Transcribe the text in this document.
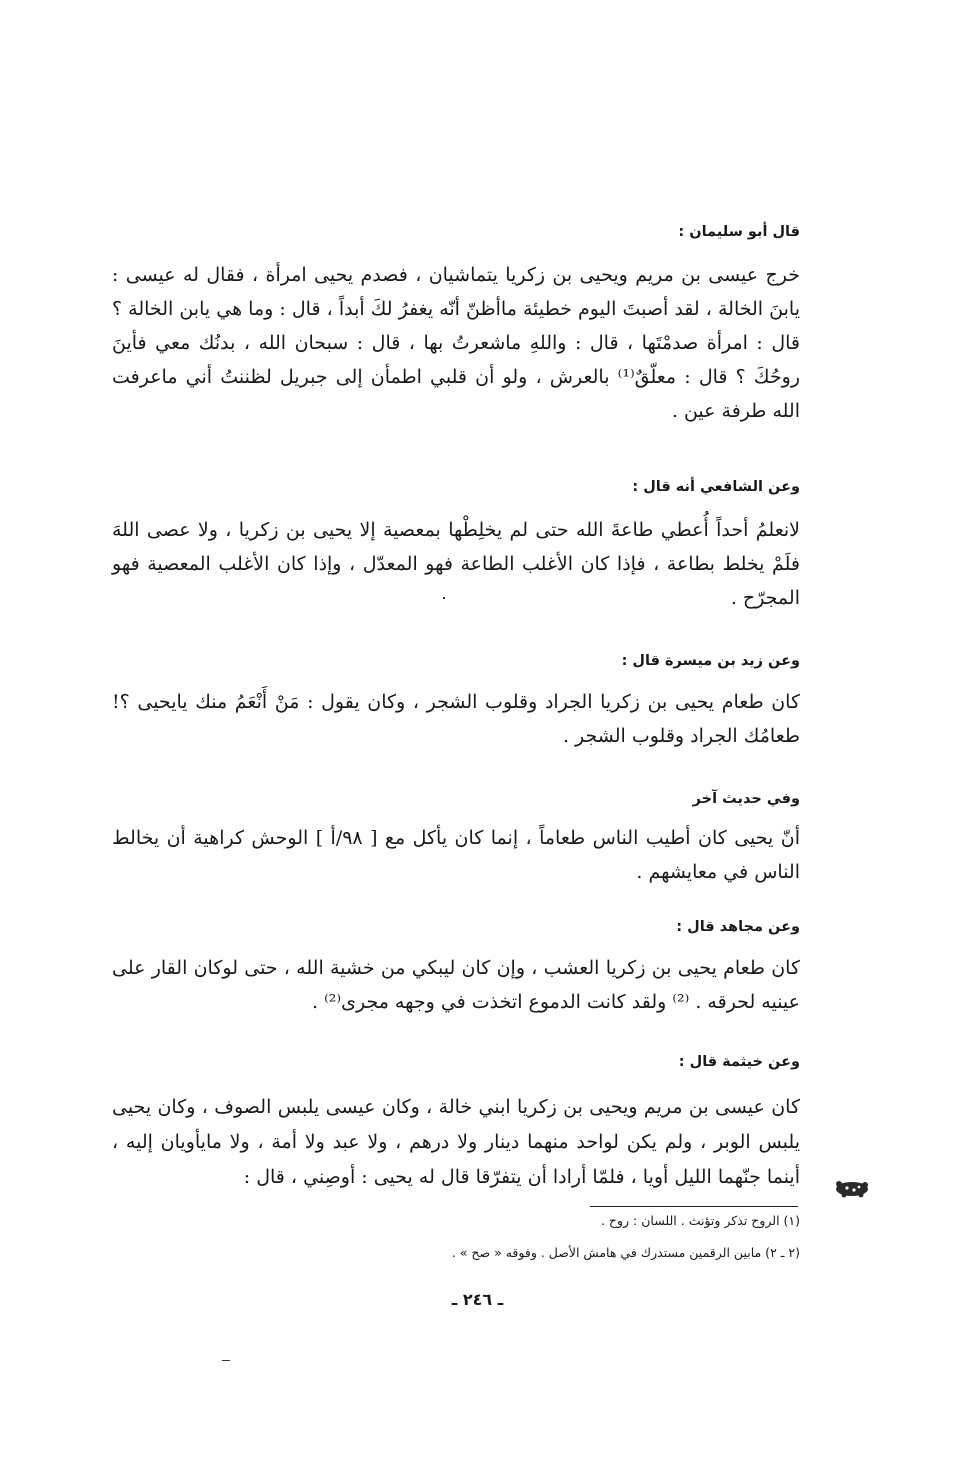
قال أبو سليمان :

خرج عيسى بن مريم ويحيى بن زكريا يتماشيان ، فصدم يحيى امرأة ، فقال له عيسى : يابنَ الخالة ، لقد أصبتَ اليوم خطيئة ماأظنّ أنّه يغفرُ لكَ أبداً ، قال : وما هي يابن الخالة ؟ قال : امرأة صدمْتَها ، قال : واللهِ ماشعرتُ بها ، قال : سبحان الله ، بدنُك معي فأينَ روحُكَ ؟ قال : معلّقٌ⁽¹⁾ بالعرش ، ولو أن قلبي اطمأن إلى جبريل لظننتُ أني ماعرفت الله طرفة عين .

وعن الشافعي أنه قال :

لانعلمُ أحداً أُعطي طاعةَ الله حتى لم يخلِطْها بمعصية إلا يحيى بن زكريا ، ولا عصى اللهَ فلَمْ يخلط بطاعة ، فإذا كان الأغلب الطاعة فهو المعدّل ، وإذا كان الأغلب المعصية فهو المجرّح .

وعن زيد بن ميسرة قال :

كان طعام يحيى بن زكريا الجراد وقلوب الشجر ، وكان يقول : مَنْ أَنْعَمُ منك يايحيى ؟! طعامُك الجراد وقلوب الشجر .

وفي حديث آخر

أنّ يحيى كان أطيب الناس طعاماً ، إنما كان يأكل مع [ ٩٨/أ ] الوحش كراهية أن يخالط الناس في معايشهم .

وعن مجاهد قال :

كان طعام يحيى بن زكريا العشب ، وإن كان ليبكي من خشية الله ، حتى لوكان القار على عينيه لحرقه . ⁽²⁾ ولقد كانت الدموع اتخذت في وجهه مجرى⁽²⁾ .

وعن خيثمة قال :

كان عيسى بن مريم ويحيى بن زكريا ابني خالة ، وكان عيسى يلبس الصوف ، وكان يحيى يلبس الوبر ، ولم يكن لواحد منهما دينار ولا درهم ، ولا عبد ولا أمة ، ولا مايأويان إليه ، أينما جنّهما الليل أويا ، فلمّا أرادا أن يتفرّقا قال له يحيى : أوصِني ، قال :

(١) الروح تذكر وتؤنث . اللسان : روح .

(٢ ـ ٢) مابين الرقمين مستدرك في هامش الأصل . وفوقه « صح » .

ـ ٢٤٦ ـ
